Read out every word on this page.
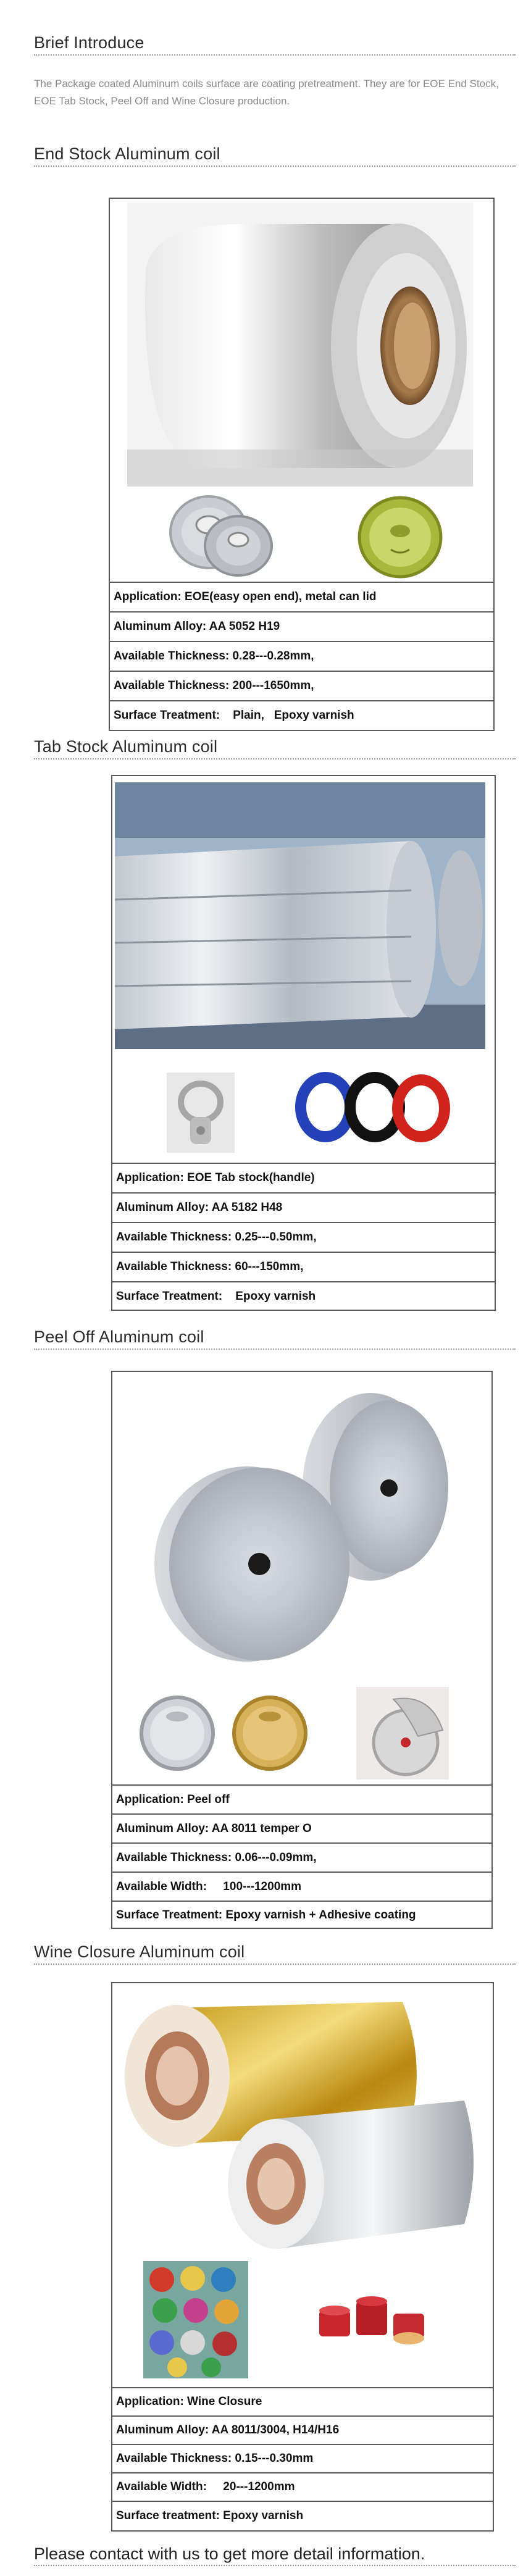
Brief Introduce
The Package coated Aluminum coils surface are coating pretreatment. They are for EOE End Stock, EOE Tab Stock, Peel Off and Wine Closure production.
End Stock Aluminum coil
Application: EOE(easy open end), metal can lid
Aluminum Alloy: AA 5052 H19
Available Thickness: 0.28---0.28mm,
Available Thickness: 200---1650mm,
Surface Treatment:    Plain,   Epoxy varnish
Tab Stock Aluminum coil
Application: EOE Tab stock(handle)
Aluminum Alloy: AA 5182 H48
Available Thickness: 0.25---0.50mm,
Available Thickness: 60---150mm,
Surface Treatment:    Epoxy varnish
Peel Off Aluminum coil
Application: Peel off
Aluminum Alloy: AA 8011 temper O
Available Thickness: 0.06---0.09mm,
Available Width:     100---1200mm
Surface Treatment: Epoxy varnish + Adhesive coating
Wine Closure Aluminum coil
Application: Wine Closure
Aluminum Alloy: AA 8011/3004, H14/H16
Available Thickness: 0.15---0.30mm
Available Width:     20---1200mm
Surface treatment: Epoxy varnish
Please contact with us to get more detail information.
